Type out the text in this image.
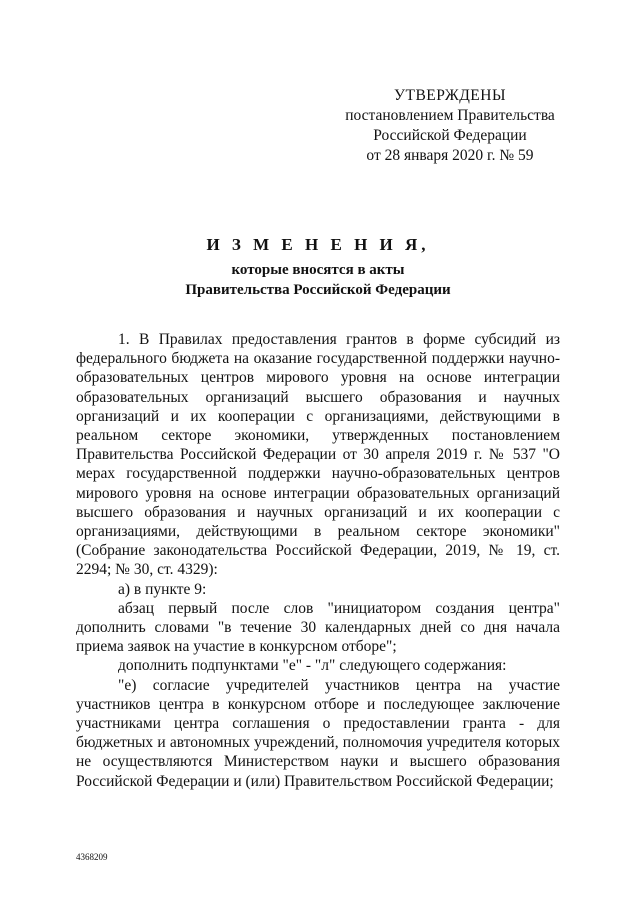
УТВЕРЖДЕНЫ
постановлением Правительства
Российской Федерации
от 28 января 2020 г. № 59
И З М Е Н Е Н И Я,
которые вносятся в акты
Правительства Российской Федерации

1. В Правилах предоставления грантов в форме субсидий из федерального бюджета на оказание государственной поддержки научно-образовательных центров мирового уровня на основе интеграции образовательных организаций высшего образования и научных организаций и их кооперации с организациями, действующими в реальном секторе экономики, утвержденных постановлением Правительства Российской Федерации от 30 апреля 2019 г. № 537 "О мерах государственной поддержки научно-образовательных центров мирового уровня на основе интеграции образовательных организаций высшего образования и научных организаций и их кооперации с организациями, действующими в реальном секторе экономики" (Собрание законодательства Российской Федерации, 2019, № 19, ст. 2294; № 30, ст. 4329):

а) в пункте 9:

абзац первый после слов "инициатором создания центра" дополнить словами "в течение 30 календарных дней со дня начала приема заявок на участие в конкурсном отборе";

дополнить подпунктами "е" - "л" следующего содержания:

"е) согласие учредителей участников центра на участие участников центра в конкурсном отборе и последующее заключение участниками центра соглашения о предоставлении гранта - для бюджетных и автономных учреждений, полномочия учредителя которых не осуществляются Министерством науки и высшего образования Российской Федерации и (или) Правительством Российской Федерации;

4368209
